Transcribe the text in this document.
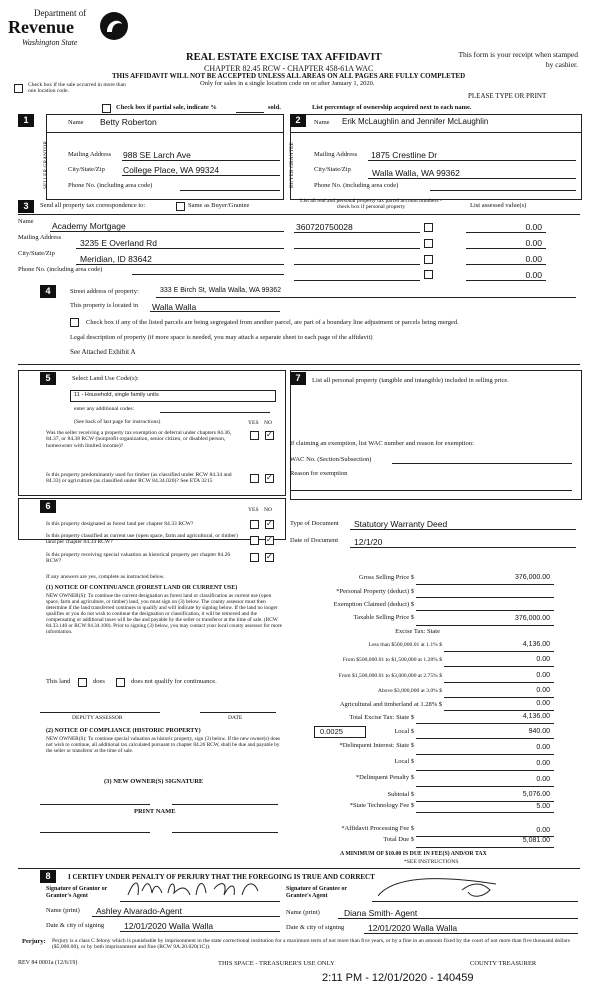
Department of
Revenue
Washington State
REAL ESTATE EXCISE TAX AFFIDAVIT
CHAPTER 82.45 RCW - CHAPTER 458-61A WAC
This form is your receipt when stamped by cashier.
THIS AFFIDAVIT WILL NOT BE ACCEPTED UNLESS ALL AREAS ON ALL PAGES ARE FULLY COMPLETED
Only for sales in a single location code on or after January 1, 2020.
Check box if the sale occurred in more than one location code.
PLEASE TYPE OR PRINT
Check box if partial sale, indicate %	sold.	List percentage of ownership acquired next to each name.
1
SELLER GRANTOR
Name Betty Roberton
Mailing Address 988 SE Larch Ave
City/State/Zip College Place, WA 99324
Phone No. (including area code)
2
BUYER GRANTEE
Name Erik McLaughlin and Jennifer McLaughlin
Mailing Address 1875 Crestline Dr
City/State/Zip Walla Walla, WA 99362
Phone No. (including area code)
3	Send all property tax correspondence to:	Same as Buyer/Grantee
List all real and personal property tax parcel account numbers - check box if personal property	List assessed value(s)
Name Academy Mortgage
Mailing Address
3235 E Overland Rd
City/State/Zip
Meridian, ID 83642
Phone No. (including area code)
360720750028	0.00
0.00
0.00
0.00
4	Street address of property:	333 E Birch St, Walla Walla, WA 99362
This property is located in Walla Walla
Check box if any of the listed parcels are being segregated from another parcel, are part of a boundary line adjustment or parcels being merged.
Legal description of property (if more space is needed, you may attach a separate sheet to each page of the affidavit)
See Attached Exhibit A
5	Select Land Use Code(s):
11 - Household, single family units
enter any additional codes:
(See back of last page for instructions)	YES NO
Was the seller receiving a property tax exemption or deferral under chapters 84.36, 84.37, or 84.38 RCW (nonprofit organization, senior citizen, or disabled person, homeowner with limited income)?
✓
Is this property predominantly used for timber (as classified under RCW 84.34 and 84.33) or agriculture (as classified under RCW 84.34.020)? See ETA 3215	✓
6	YES NO
Is this property designated as forest land per chapter 84.33 RCW?	✓
Is this property classified as current use (open space, farm and agricultural, or timber) land per chapter 84.34 RCW?	✓
Is this property receiving special valuation as historical property per chapter 84.26 RCW?
✓
If any answers are yes, complete as instructed below.
(1) NOTICE OF CONTINUANCE (FOREST LAND OR CURRENT USE)
NEW OWNER(S): To continue the current designation as forest land or classification as current use (open space, farm and agriculture, or timber) land, you must sign on (3) below. The county assessor must then determine if the land transferred continues to qualify and will indicate by signing below. If the land no longer qualifies or you do not wish to continue the designation or classification, it will be removed and the compensating or additional taxes will be due and payable by the seller or transferor at the time of sale. (RCW 84.33.140 or RCW 84.34.108). Prior to signing (3) below, you may contact your local county assessor for more information.
This land	does	does not qualify for continuance.
DEPUTY ASSESSOR	DATE
(2) NOTICE OF COMPLIANCE (HISTORIC PROPERTY)
NEW OWNER(S): To continue special valuation as historic property, sign (3) below. If the new owner(s) does not wish to continue, all additional tax calculated pursuant to chapter 84.26 RCW, shall be due and payable by the seller or transferor at the time of sale.
(3) NEW OWNER(S) SIGNATURE
PRINT NAME
7	List all personal property (tangible and intangible) included in selling price.
If claiming an exemption, list WAC number and reason for exemption:
WAC No. (Section/Subsection)
Reason for exemption
Type of Document Statutory Warranty Deed
Date of Document 12/1/20
Gross Selling Price $	376,000.00
*Personal Property (deduct) $
Exemption Claimed (deduct) $
Taxable Selling Price $	376,000.00
Excise Tax: State
Less than $500,000.01 at 1.1% $	4,136.00
From $500,000.01 to $1,500,000 at 1.28% $	0.00
From $1,500,000.01 to $3,000,000 at 2.75% $	0.00
Above $3,000,000 at 3.0% $	0.00
Agricultural and timberland at 1.28% $	0.00
Total Excise Tax: State $	4,136.00
0.0025	Local $	940.00
*Delinquent Interest: State $	0.00
Local $	0.00
*Delinquent Penalty $	0.00
Subtotal $	5,076.00
*State Technology Fee $	5.00
*Affidavit Processing Fee $	0.00
Total Due $	5,081.00
A MINIMUM OF $10.00 IS DUE IN FEE(S) AND/OR TAX
*SEE INSTRUCTIONS
8	I CERTIFY UNDER PENALTY OF PERJURY THAT THE FOREGOING IS TRUE AND CORRECT
Signature of Grantor or Grantor's Agent
Signature of Grantee or Grantee's Agent
Name (print) Ashley Alvarado-Agent	Name (print)	Diana Smith- Agent
Date & city of signing 12/01/2020 Walla Walla	Date & city of signing	12/01/2020 Walla Walla
Perjury: Perjury is a class C felony which is punishable by imprisonment in the state correctional institution for a maximum term of not more than five years, or by a fine in an amount fixed by the court of not more than five thousand dollars ($5,000.00), or by both imprisonment and fine (RCW 9A.20.020(1C)).
REV 84 0001a (12/6/19)	THIS SPACE - TREASURER'S USE ONLY	COUNTY TREASURER
2:11 PM - 12/01/2020 - 140459
